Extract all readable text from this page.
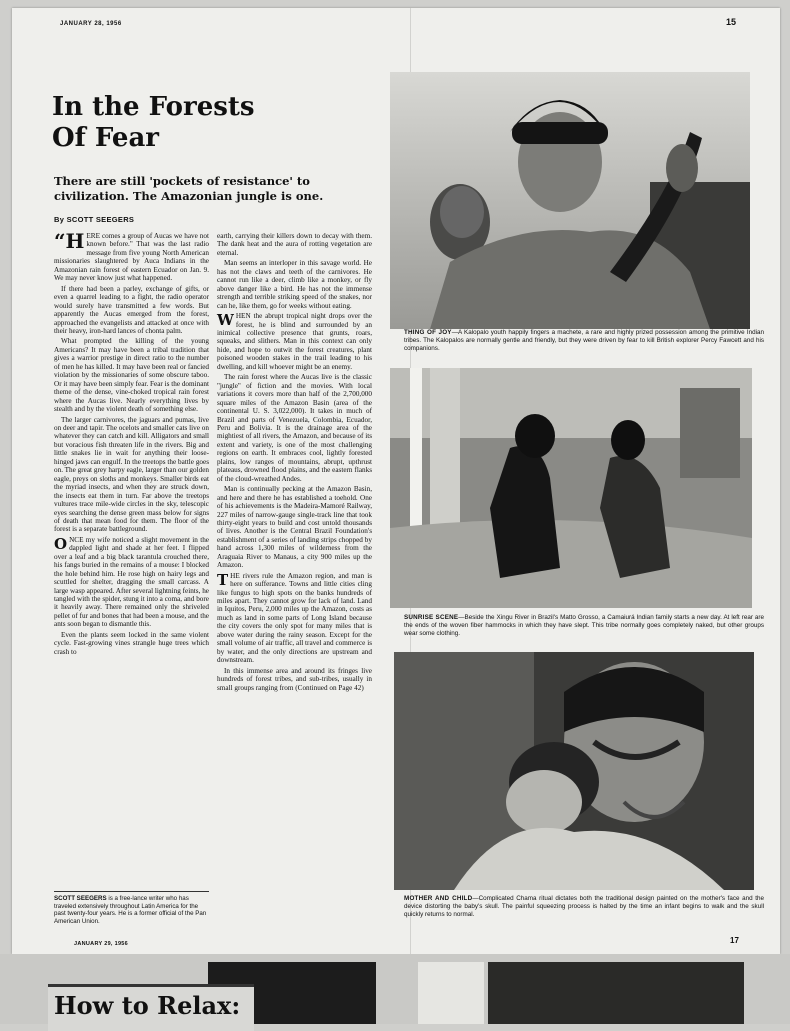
JANUARY 28, 1956	15
In the Forests
Of Fear

There are still 'pockets of resistance' to civilization. The Amazonian jungle is one.

By SCOTT SEEGERS

“H ERE comes a group of Aucas we have not known before." That was the last radio message from five young North American missionaries slaughtered by Auca Indians in the Amazonian rain forest of eastern Ecuador on Jan. 9. We may never know just what happened.

If there had been a parley, exchange of gifts, or even a quarrel leading to a fight, the radio operator would surely have transmitted a few words. But apparently the Aucas emerged from the forest, approached the evangelists and attacked at once with their heavy, iron-hard lances of chonta palm.

What prompted the killing of the young Americans? It may have been a tribal tradition that gives a warrior prestige in direct ratio to the number of men he has killed. It may have been real or fancied violation by the missionaries of some obscure taboo. Or it may have been simply fear. Fear is the dominant theme of the dense, vine-choked tropical rain forest where the Aucas live. Nearly everything lives by stealth and by the violent death of something else.

The larger carnivores, the jaguars and pumas, live on deer and tapir. The ocelots and smaller cats live on whatever they can catch and kill. Alligators and small but voracious fish threaten life in the rivers. Big and little snakes lie in wait for anything their loose-hinged jaws can engulf. In the treetops the battle goes on. The great grey harpy eagle, larger than our golden eagle, preys on sloths and monkeys. Smaller birds eat the myriad insects, and when they are struck down, the insects eat them in turn. Far above the treetops vultures trace mile-wide circles in the sky, telescopic eyes searching the dense green mass below for signs of death that mean food for them. The floor of the forest is a separate battleground.

ONCE my wife noticed a slight movement in the dappled light and shade at her feet. I flipped over a leaf and a big black tarantula crouched there, his fangs buried in the remains of a mouse: I blocked the hole behind him. He rose high on hairy legs and scuttled for shelter, dragging the small carcass. A large wasp appeared. After several lightning feints, he tangled with the spider, stung it into a coma, and bore it heavily away. There remained only the shriveled pellet of fur and bones that had been a mouse, and the ants soon began to dismantle this.

Even the plants seem locked in the same violent cycle. Fast-growing vines strangle huge trees which crash to

earth, carrying their killers down to decay with them. The dank heat and the aura of rotting vegetation are eternal.

Man seems an interloper in this savage world. He has not the claws and teeth of the carnivores. He cannot run like a deer, climb like a monkey, or fly above danger like a bird. He has not the immense strength and terrible striking speed of the snakes, nor can he, like them, go for weeks without eating.

WHEN the abrupt tropical night drops over the forest, he is blind and surrounded by an inimical collective presence that grunts, roars, squeaks, and slithers. Man in this context can only hide, and hope to outwit the forest creatures, plant poisoned wooden stakes in the trail leading to his dwelling, and kill whoever might be an enemy.

The rain forest where the Aucas live is the classic "jungle" of fiction and the movies. With local variations it covers more than half of the 2,700,000 square miles of the Amazon Basin (area of the continental U. S. 3,022,000). It takes in much of Brazil and parts of Venezuela, Colombia, Ecuador, Peru and Bolivia. It is the drainage area of the mightiest of all rivers, the Amazon, and because of its extent and variety, is one of the most challenging regions on earth. It embraces cool, lightly forested plains, low ranges of mountains, abrupt, upthrust plateaus, drowned flood plains, and the eastern flanks of the cloud-wreathed Andes.

Man is continually pecking at the Amazon Basin, and here and there he has established a toehold. One of his achievements is the Madeira-Mamoré Railway, 227 miles of narrow-gauge single-track line that took thirty-eight years to build and cost untold thousands of lives. Another is the Central Brazil Foundation's establishment of a series of landing strips chopped by hand across 1,300 miles of wilderness from the Araguaia River to Manaus, a city 900 miles up the Amazon.

THE rivers rule the Amazon region, and man is here on sufferance. Towns and little cities cling like fungus to high spots on the banks hundreds of miles apart. They cannot grow for lack of land. Land in Iquitos, Peru, 2,000 miles up the Amazon, costs as much as land in some parts of Long Island because the city covers the only spot for many miles that is above water during the rainy season. Except for the small volume of air traffic, all travel and commerce is by water, and the only directions are upstream and downstream.

In this immense area and around its fringes live hundreds of forest tribes, and sub-tribes, usually in small groups ranging from (Continued on Page 42)

SCOTT SEEGERS is a free-lance writer who has traveled extensively throughout Latin America for the past twenty-four years. He is a former official of the Pan American Union.
JANUARY 29, 1956
THING OF JOY—A Kalopalo youth happily fingers a machete, a rare and highly prized possession among the primitive Indian tribes. The Kalopalos are normally gentle and friendly, but they were driven by fear to kill British explorer Percy Fawcett and his companions.
SUNRISE SCENE—Beside the Xingu River in Brazil's Matto Grosso, a Camaiurá Indian family starts a new day. At left rear are the ends of the woven fiber hammocks in which they have slept. This tribe normally goes completely naked, but other groups wear some clothing.
MOTHER AND CHILD—Complicated Chama ritual dictates both the traditional design painted on the mother's face and the device distorting the baby's skull. The painful squeezing process is halted by the time an infant begins to walk and the skull quickly returns to normal.
17
How to Relax:
